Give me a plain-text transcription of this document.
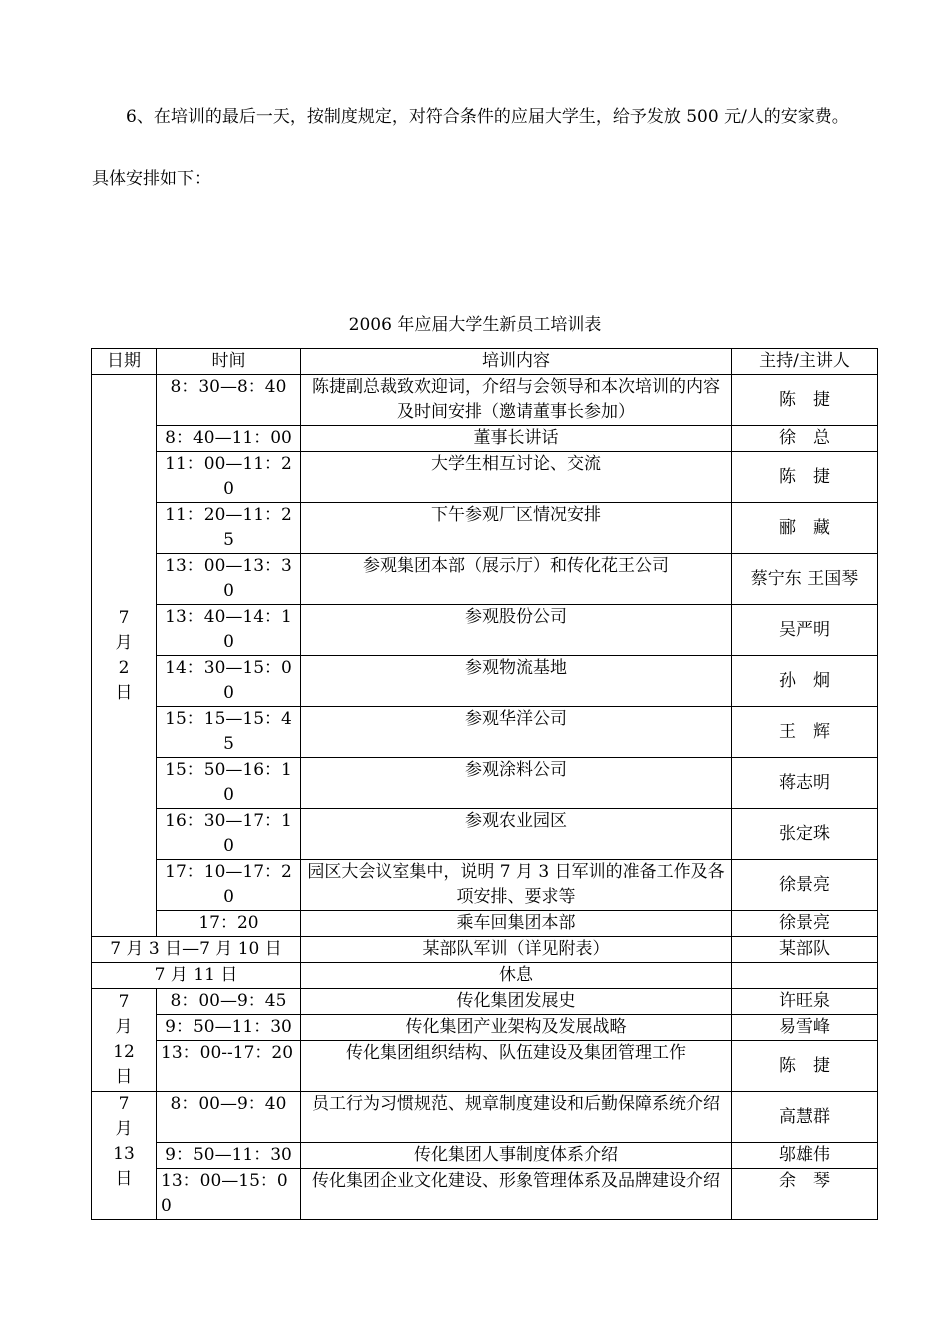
6、在培训的最后一天，按制度规定，对符合条件的应届大学生，给予发放 500 元/人的安家费。

具体安排如下：

2006 年应届大学生新员工培训表
日期	时间	培训内容	主持/主讲人

7
月
2
日	8：30—8：40	陈捷副总裁致欢迎词，介绍与会领导和本次培训的内容及时间安排（邀请董事长参加）	陈　捷
	8：40—11：00	董事长讲话	徐　总
	11：00—11：20	大学生相互讨论、交流	陈　捷
	11：20—11：25	下午参观厂区情况安排	郦　藏
	13：00—13：30	参观集团本部（展示厅）和传化花王公司	蔡宁东 王国琴
	13：40—14：10	参观股份公司	吴严明
	14：30—15：00	参观物流基地	孙　炯
	15：15—15：45	参观华洋公司	王　辉
	15：50—16：10	参观涂料公司	蒋志明
	16：30—17：10	参观农业园区	张定珠
	17：10—17：20	园区大会议室集中，说明 7 月 3 日军训的准备工作及各项安排、要求等	徐景亮
	17：20	乘车回集团本部	徐景亮
7 月 3 日—7 月 10 日		某部队军训（详见附表）	某部队
7 月 11 日		休息	

7
月
12
日	8：00—9：45	传化集团发展史	许旺泉
	9：50—11：30	传化集团产业架构及发展战略	易雪峰
	13：00--17：20	传化集团组织结构、队伍建设及集团管理工作	陈　捷

7
月
13
日	8：00—9：40	员工行为习惯规范、规章制度建设和后勤保障系统介绍	高慧群
	9：50—11：30	传化集团人事制度体系介绍	邬雄伟
	13：00—15：00	传化集团企业文化建设、形象管理体系及品牌建设介绍	余　琴
